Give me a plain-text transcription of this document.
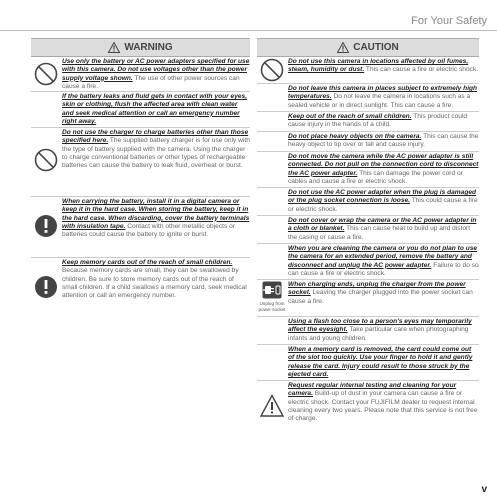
For Your Safety
WARNING

Use only the battery or AC power adapters specified for use with this camera. Do not use voltages other than the power supply voltage shown. The use of other power sources can cause a fire.

If the battery leaks and fluid gets in contact with your eyes, skin or clothing, flush the affected area with clean water and seek medical attention or call an emergency number right away.

Do not use the charger to charge batteries other than those specified here. The supplied battery charger is for use only with the type of battery supplied with the camera. Using the charger to charge conventional batteries or other types of rechargeable batteries can cause the battery to leak fluid, overheat or burst.

When carrying the battery, install it in a digital camera or keep it in the hard case. When storing the battery, keep it in the hard case. When discarding, cover the battery terminals with insulation tape. Contact with other metallic objects or batteries could cause the battery to ignite or burst.

Keep memory cards out of the reach of small children. Because memory cards are small, they can be swallowed by children. Be sure to store memory cards out of the reach of small children. If a child swallows a memory card, seek medical attention or call an emergency number.

CAUTION

Do not use this camera in locations affected by oil fumes, steam, humidity or dust. This can cause a fire or electric shock.

Do not leave this camera in places subject to extremely high temperatures. Do not leave the camera in locations such as a sealed vehicle or in direct sunlight. This can cause a fire.

Keep out of the reach of small children. This product could cause injury in the hands of a child.

Do not place heavy objects on the camera. This can cause the heavy object to tip over or fall and cause injury.

Do not move the camera while the AC power adapter is still connected. Do not pull on the connection cord to disconnect the AC power adapter. This can damage the power cord or cables and cause a fire or electric shock.

Do not use the AC power adapter when the plug is damaged or the plug socket connection is loose. This could cause a fire or electric shock.

Do not cover or wrap the camera or the AC power adapter in a cloth or blanket. This can cause heat to build up and distort the casing or cause a fire.

When you are cleaning the camera or you do not plan to use the camera for an extended period, remove the battery and disconnect and unplug the AC power adapter. Failure to do so can cause a fire or electric shock.

Unplug from power socket

When charging ends, unplug the charger from the power socket. Leaving the charger plugged into the power socket can cause a fire.

Using a flash too close to a person's eyes may temporarily affect the eyesight. Take particular care when photographing infants and young children.

When a memory card is removed, the card could come out of the slot too quickly. Use your finger to hold it and gently release the card. Injury could result to those struck by the ejected card.

Request regular internal testing and cleaning for your camera. Build-up of dust in your camera can cause a fire or electric shock. Contact your FUJIFILM dealer to request internal cleaning every two years. Please note that this service is not free of charge.

v
